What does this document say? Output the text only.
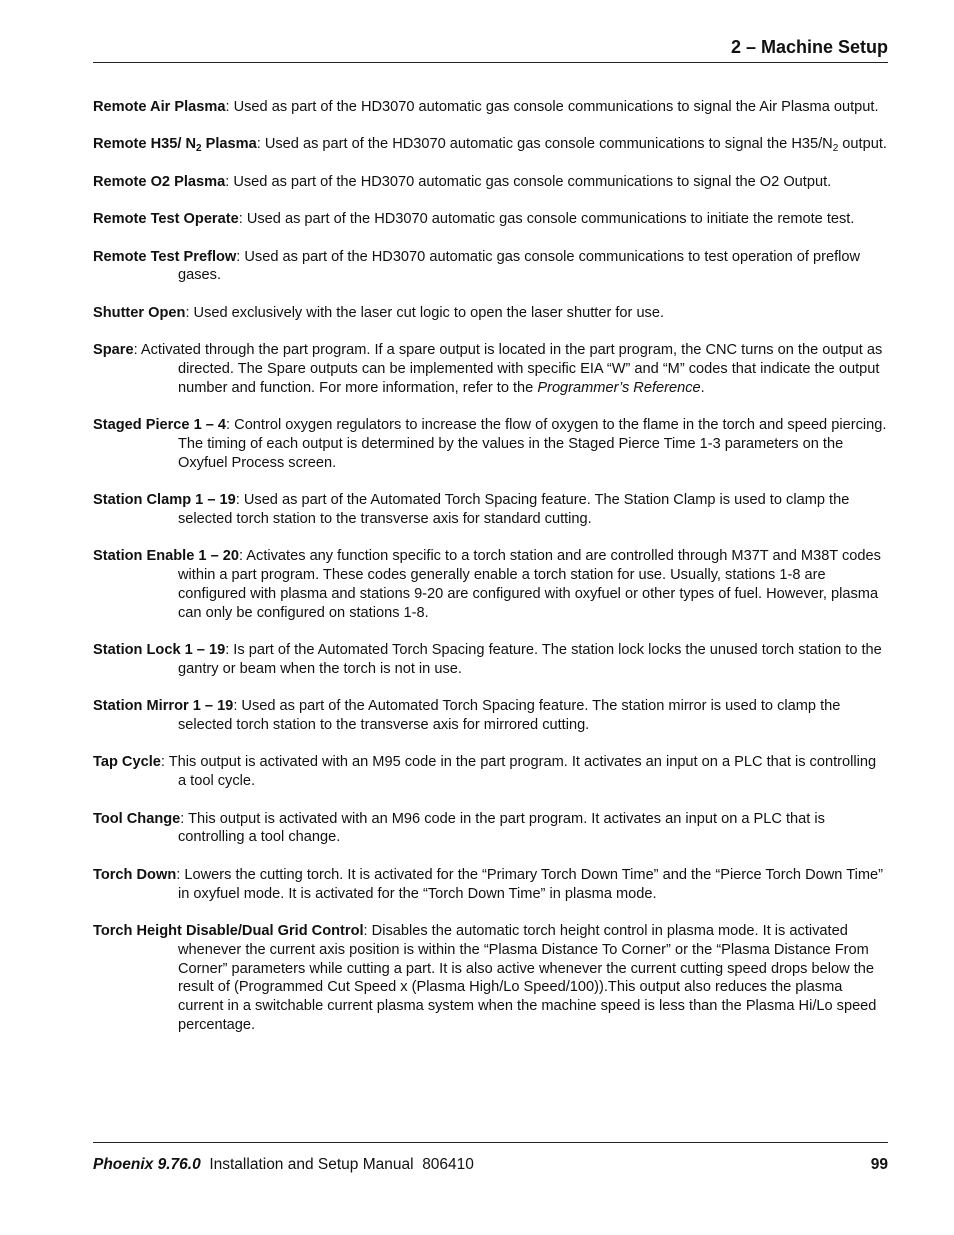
2 – Machine Setup

Remote Air Plasma: Used as part of the HD3070 automatic gas console communications to signal the Air Plasma output.

Remote H35/ $N_2$ Plasma: Used as part of the HD3070 automatic gas console communications to signal the $H35/N_2$ output.

Remote O2 Plasma: Used as part of the HD3070 automatic gas console communications to signal the O2 Output.

Remote Test Operate: Used as part of the HD3070 automatic gas console communications to initiate the remote test.

Remote Test Preflow: Used as part of the HD3070 automatic gas console communications to test operation of preflow gases.

Shutter Open: Used exclusively with the laser cut logic to open the laser shutter for use.

Spare: Activated through the part program. If a spare output is located in the part program, the CNC turns on the output as directed. The Spare outputs can be implemented with specific EIA “W” and “M” codes that indicate the output number and function. For more information, refer to the Programmer’s Reference.

Staged Pierce 1 – 4: Control oxygen regulators to increase the flow of oxygen to the flame in the torch and speed piercing. The timing of each output is determined by the values in the Staged Pierce Time 1-3 parameters on the Oxyfuel Process screen.

Station Clamp 1 – 19: Used as part of the Automated Torch Spacing feature. The Station Clamp is used to clamp the selected torch station to the transverse axis for standard cutting.

Station Enable 1 – 20: Activates any function specific to a torch station and are controlled through M37T and M38T codes within a part program. These codes generally enable a torch station for use. Usually, stations 1-8 are configured with plasma and stations 9-20 are configured with oxyfuel or other types of fuel. However, plasma can only be configured on stations 1-8.

Station Lock 1 – 19: Is part of the Automated Torch Spacing feature. The station lock locks the unused torch station to the gantry or beam when the torch is not in use.

Station Mirror 1 – 19: Used as part of the Automated Torch Spacing feature. The station mirror is used to clamp the selected torch station to the transverse axis for mirrored cutting.

Tap Cycle: This output is activated with an M95 code in the part program. It activates an input on a PLC that is controlling a tool cycle.

Tool Change: This output is activated with an M96 code in the part program. It activates an input on a PLC that is controlling a tool change.

Torch Down: Lowers the cutting torch. It is activated for the “Primary Torch Down Time” and the “Pierce Torch Down Time” in oxyfuel mode. It is activated for the “Torch Down Time” in plasma mode.

Torch Height Disable/Dual Grid Control: Disables the automatic torch height control in plasma mode. It is activated whenever the current axis position is within the “Plasma Distance To Corner” or the “Plasma Distance From Corner” parameters while cutting a part. It is also active whenever the current cutting speed drops below the result of (Programmed Cut Speed x (Plasma High/Lo Speed/100)).This output also reduces the plasma current in a switchable current plasma system when the machine speed is less than the Plasma Hi/Lo speed percentage.

Phoenix 9.76.0 Installation and Setup Manual 806410	99
